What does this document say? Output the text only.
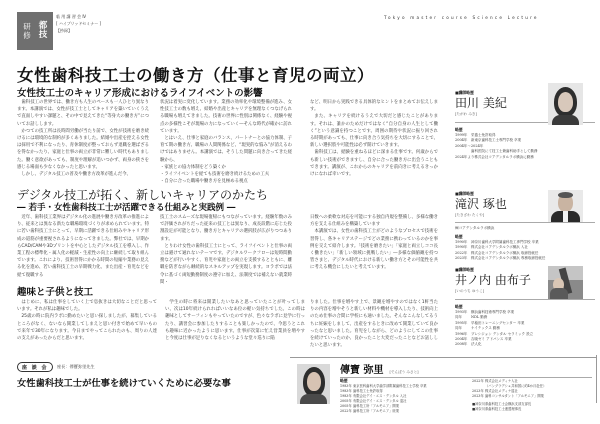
研 都
修 技
临 用 講 習 会 Ⅳ
[ ハイブリッドセミナー ]
【抄録】
Tokyo master course Science Lecture
女性歯科技工士の働き方（仕事と育児の両立）
女性技工士のキャリア形成におけるライフイベントの影響

歯科技工の世界では、働き方も人生のペースも一人ひとり異なります。本講演では、女性が技工士としてキャリアを築いていくうえで直面しやすい課題と、その中で見えてきた“等身大の働き方”についてお話しします。

かつての技工所は長時間労働が当たり前で、女性が技術を磨き続けるには環境的な制約が多くありました。結婚や出産を控える女性は採用で不利になったり、育休制度が整っておらず退職を選ばざるを得なかったり、家庭と仕事の両立が非常に難しい時代もありました。働く意欲があっても、制度や理解が追いつかず、両身の狭さを感じる場面も少なくなかったと思います。

しかし、デジタル技工の普及や働き方改革が進んだ今、

状況は着実に変化しています。業務の効率化や環境整備が進み、女性技工士の数も増え、結婚や出産とキャリアを無理なくつなげられる職場も増えてきました。技術の世界に性別は関係なく、経験や視点の多様性こそが現場の力になっていく―そんな時代が確かに訪れています。

とはいえ、仕事と家庭のバランス、パートナーとの協力体制、子育て期の働き方、職場の人間関係など、“現実的な悩み”が消えるわけではありません。本講演では、そうした問題に向き合ってきた経験から、

・家族との協力体制をどう築くか
・ライフイベントを経ても技術を磨き続けるための工夫
・自分に合った職場や働き方を見極める視点

など、明日から実践できる具体的なヒントをまとめてお伝えします。

また、キャリアを続けるうえで大切だと感じたことがあります。それは、誰かのためだけではなく“自分自身の人生として働く”という意識を持つことです。周囲の期待や状況に振り回される時期があっても、仕事に向き合う気持ちを大切にすることで、新しい選択肢や可能性は必ず開けていきます。

歯科技工は、経験を重ねるほどに深まる仕事です。何歳からでも新しい技術ができますし、自分に合った働き方に出会うこともできます。講演が、これからのキャリアを前向きに考えるきっかけになれば幸いです。

デジタル技工が拓く、新しいキャリアのかたち
― 若手・女性歯科技工士が活躍できる仕組みと実践例 ―

近年、歯科技工業界はデジタル化の進展や働き方改革の推進により、従来とは異なる新たな職場環境づくりが求められています。特に若い歯科技工士にとって、早期に活躍できる仕組みやキャリア形成の道筋が重要視されるようになってきました。弊社では、早期からCAD/CAMや3Dプリントを中心としたデジタル技工を導入し、作業工程の標準化・属人化の軽減・生産性の向上に継続して取り組んでいます。これにより、技術習得にかかる時間の短縮や業務の見える化を進め、若い歯科技工士の早期戦力化、また出産・育児などを経て復職する

技工士のスムーズな現場復帰にもつながっています。経験年数のみで評価されがちだった従来の技工とは異なり、成長段階に応じた役割設定が可能となり、働き方とキャリアの選択肢が広がりつつあります。

とりわけ女性の歯科技工士にとって、ライフイベントと仕事の両立は避けて通れないテーマです。デジタルワークフローは短時間勤務などが行いやすく、育児や家庭との両立を支援するとともに、離職を防ぎながら継続的なスキルアップを実現します。ヨラボでは法令に基づく両短勤務制度の遵守に加え、法制度では補えない就業時間・

日数への柔軟な対応を可能にする独自内規を整備し、多様な働き方を支える仕組みを構築しています

本講演では、女性の歯科技工士がどのようなプロセスで技術を習得し、各キャリアステージでどの業務に携わっているのかを事例を交えて紹介します。「技術を磨きたい」「家庭と両立しココ長く働きたい」「新しい領域に挑戦したい」―多様な価値観を持つ皆さまと、デジタル時代における新しい働き方とその可能性を共に考える機会にしたいと考えています。

趣味と子供と技工

はじめに、私は仕事をしていく上で息抜きは大切なことだと思っています。それが私は趣味でした。

25歳の時に院内ラボに勤めたいと思い探しましたが、募集しているところがなく、ないなら開業してしまえと思い付きで始めて早いもので来年で30年になります。今日までやってこられたのも、周りの人達の支えがあったからだと思います。

学生の時に将来は開業したいなあと思っていたことが叶ってしまい、次は10年続けられればいいなあ位の軽い気持ちでした。この時は趣味としてサーフィンもやっていたのですが、色々なラボに見学に行ったり、講習会に参加したりすることも楽しかったので、今思うとこれも趣味に近かったように思います。仕事が次第に忙え営業員を増やすと今度は仕事が足りなくなるというような堂々巡りに陥

りました。仕事を増やす上で、景観を増やすのではなく1軒当たりの内容を増やそうと新しい材料や機材を導入したり、技術向上のため仕事の合間に学校にも通いました。そんなこんなしてるうちに妊娠をしまして、出産をするときに改めて開業していて良かったなと思いました。育児をしながら、どのようにしてこの仕事を続けていったのか、良かったこと大変だったことなどお話ししたいと思います。

座 談 会	座長：傳寶弥里先生
女性歯科技工士が仕事を続けていくために必要な事
■講師略歴
田川 美紀
[たがわ みき]
略歴
1999年	栄養士免許取得
2004年	新東京歯科技工士専門学校 卒業
2004年～2024年
歯科医院にて技工士兼歯科助手として勤務
2024年より 株式会社コアデンタルラボ横浜に勤務
■講師略歴
滝沢 琢也
[たきざわ たくや]
㈱コアデンタルラボ横浜
略歴
1990年	神奈川歯科大学附属歯科技工専門学校 卒業
1990年	株式会社コアデンタルラボ横浜 入社
2022年	株式会社コアデンタルラボ横浜 取締役就任
2023年	株式会社コアデンタルラボ横浜 専務取締役就任
■講師略歴
井ノ内 由布子
[いのうち ゆうこ]
略歴
1993年	横浜歯科技術専門学校 卒業
同年	NDL 勤務
1995年	早稲田トレーニングセンター 卒業
同年	ケイテックス 勤務
1996年	プレシジョン デンタル セラミック 設立
2004年	吉暁ゼミ アドバンス 卒業
2008年	法人化
傳寶 弥里 [でんぽう みさと]
略歴
1983年 東京医科歯科大学歯学部附属歯科技工士学校 卒業
1983年 歯科技工士免許取得
1983年 有限会社デイ・エス・デンタル 入社
2005年 有限会社デイ・エス・デンタル 退社
2005年 歯科技工所「アルモニア」開業
2022年 歯科技工所「アルモニア」廃業
2022年 株式会社メディナ入社
（バングラデシュ共和国に約4か月赴任）
2023年 株式会社メディナ退社
2023年 歯科コンサルタント「アルモニア」開業
■神奈川県歯科技工士会横浜支部支部長
■神奈川県歯科技工士連盟理事長
